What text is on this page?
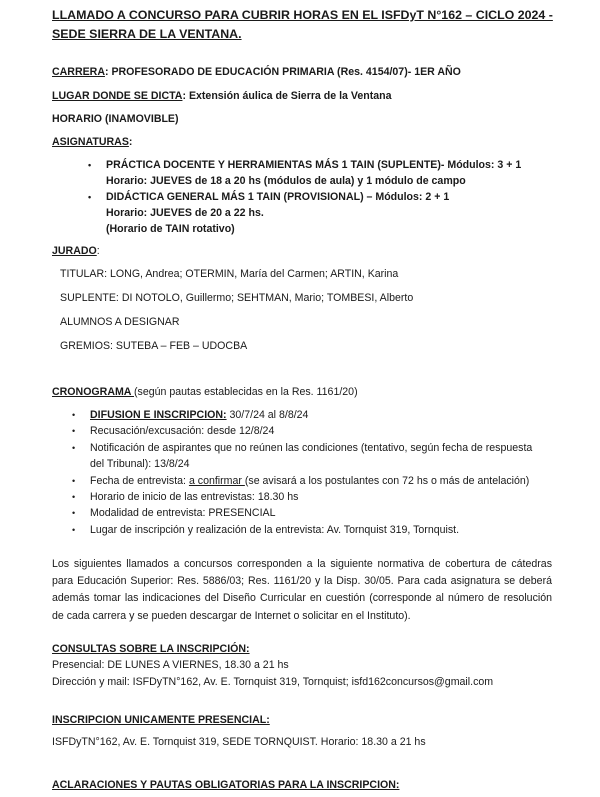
LLAMADO A CONCURSO PARA CUBRIR HORAS EN EL ISFDyT N°162 – CICLO 2024 - SEDE SIERRA DE LA VENTANA.
CARRERA: PROFESORADO DE EDUCACIÓN PRIMARIA (Res. 4154/07)- 1ER AÑO
LUGAR DONDE SE DICTA: Extensión áulica de Sierra de la Ventana
HORARIO (INAMOVIBLE)
ASIGNATURAS:
• PRÁCTICA DOCENTE Y HERRAMIENTAS MÁS 1 TAIN (SUPLENTE)- Módulos: 3 + 1
Horario: JUEVES de 18 a 20 hs (módulos de aula) y 1 módulo de campo
• DIDÁCTICA GENERAL MÁS 1 TAIN (PROVISIONAL) – Módulos: 2 + 1
Horario: JUEVES de 20 a 22 hs.
(Horario de TAIN rotativo)
JURADO:
TITULAR: LONG, Andrea; OTERMIN, María del Carmen; ARTIN, Karina
SUPLENTE: DI NOTOLO, Guillermo; SEHTMAN, Mario; TOMBESI, Alberto
ALUMNOS A DESIGNAR
GREMIOS: SUTEBA – FEB – UDOCBA
CRONOGRAMA (según pautas establecidas en la Res. 1161/20)
• DIFUSION E INSCRIPCION: 30/7/24 al 8/8/24
• Recusación/excusación: desde 12/8/24
• Notificación de aspirantes que no reúnen las condiciones (tentativo, según fecha de respuesta
del Tribunal): 13/8/24
• Fecha de entrevista: a confirmar (se avisará a los postulantes con 72 hs o más de antelación)
• Horario de inicio de las entrevistas: 18.30 hs
• Modalidad de entrevista: PRESENCIAL
• Lugar de inscripción y realización de la entrevista: Av. Tornquist 319, Tornquist.
Los siguientes llamados a concursos corresponden a la siguiente normativa de cobertura de cátedras para Educación Superior: Res. 5886/03; Res. 1161/20 y la Disp. 30/05. Para cada asignatura se deberá además tomar las indicaciones del Diseño Curricular en cuestión (corresponde al número de resolución de cada carrera y se pueden descargar de Internet o solicitar en el Instituto).
CONSULTAS SOBRE LA INSCRIPCIÓN:
Presencial: DE LUNES A VIERNES, 18.30 a 21 hs
Dirección y mail: ISFDyTN°162, Av. E. Tornquist 319, Tornquist; isfd162concursos@gmail.com
INSCRIPCION UNICAMENTE PRESENCIAL:
ISFDyTN°162, Av. E. Tornquist 319, SEDE TORNQUIST. Horario: 18.30 a 21 hs
ACLARACIONES Y PAUTAS OBLIGATORIAS PARA LA INSCRIPCION:
